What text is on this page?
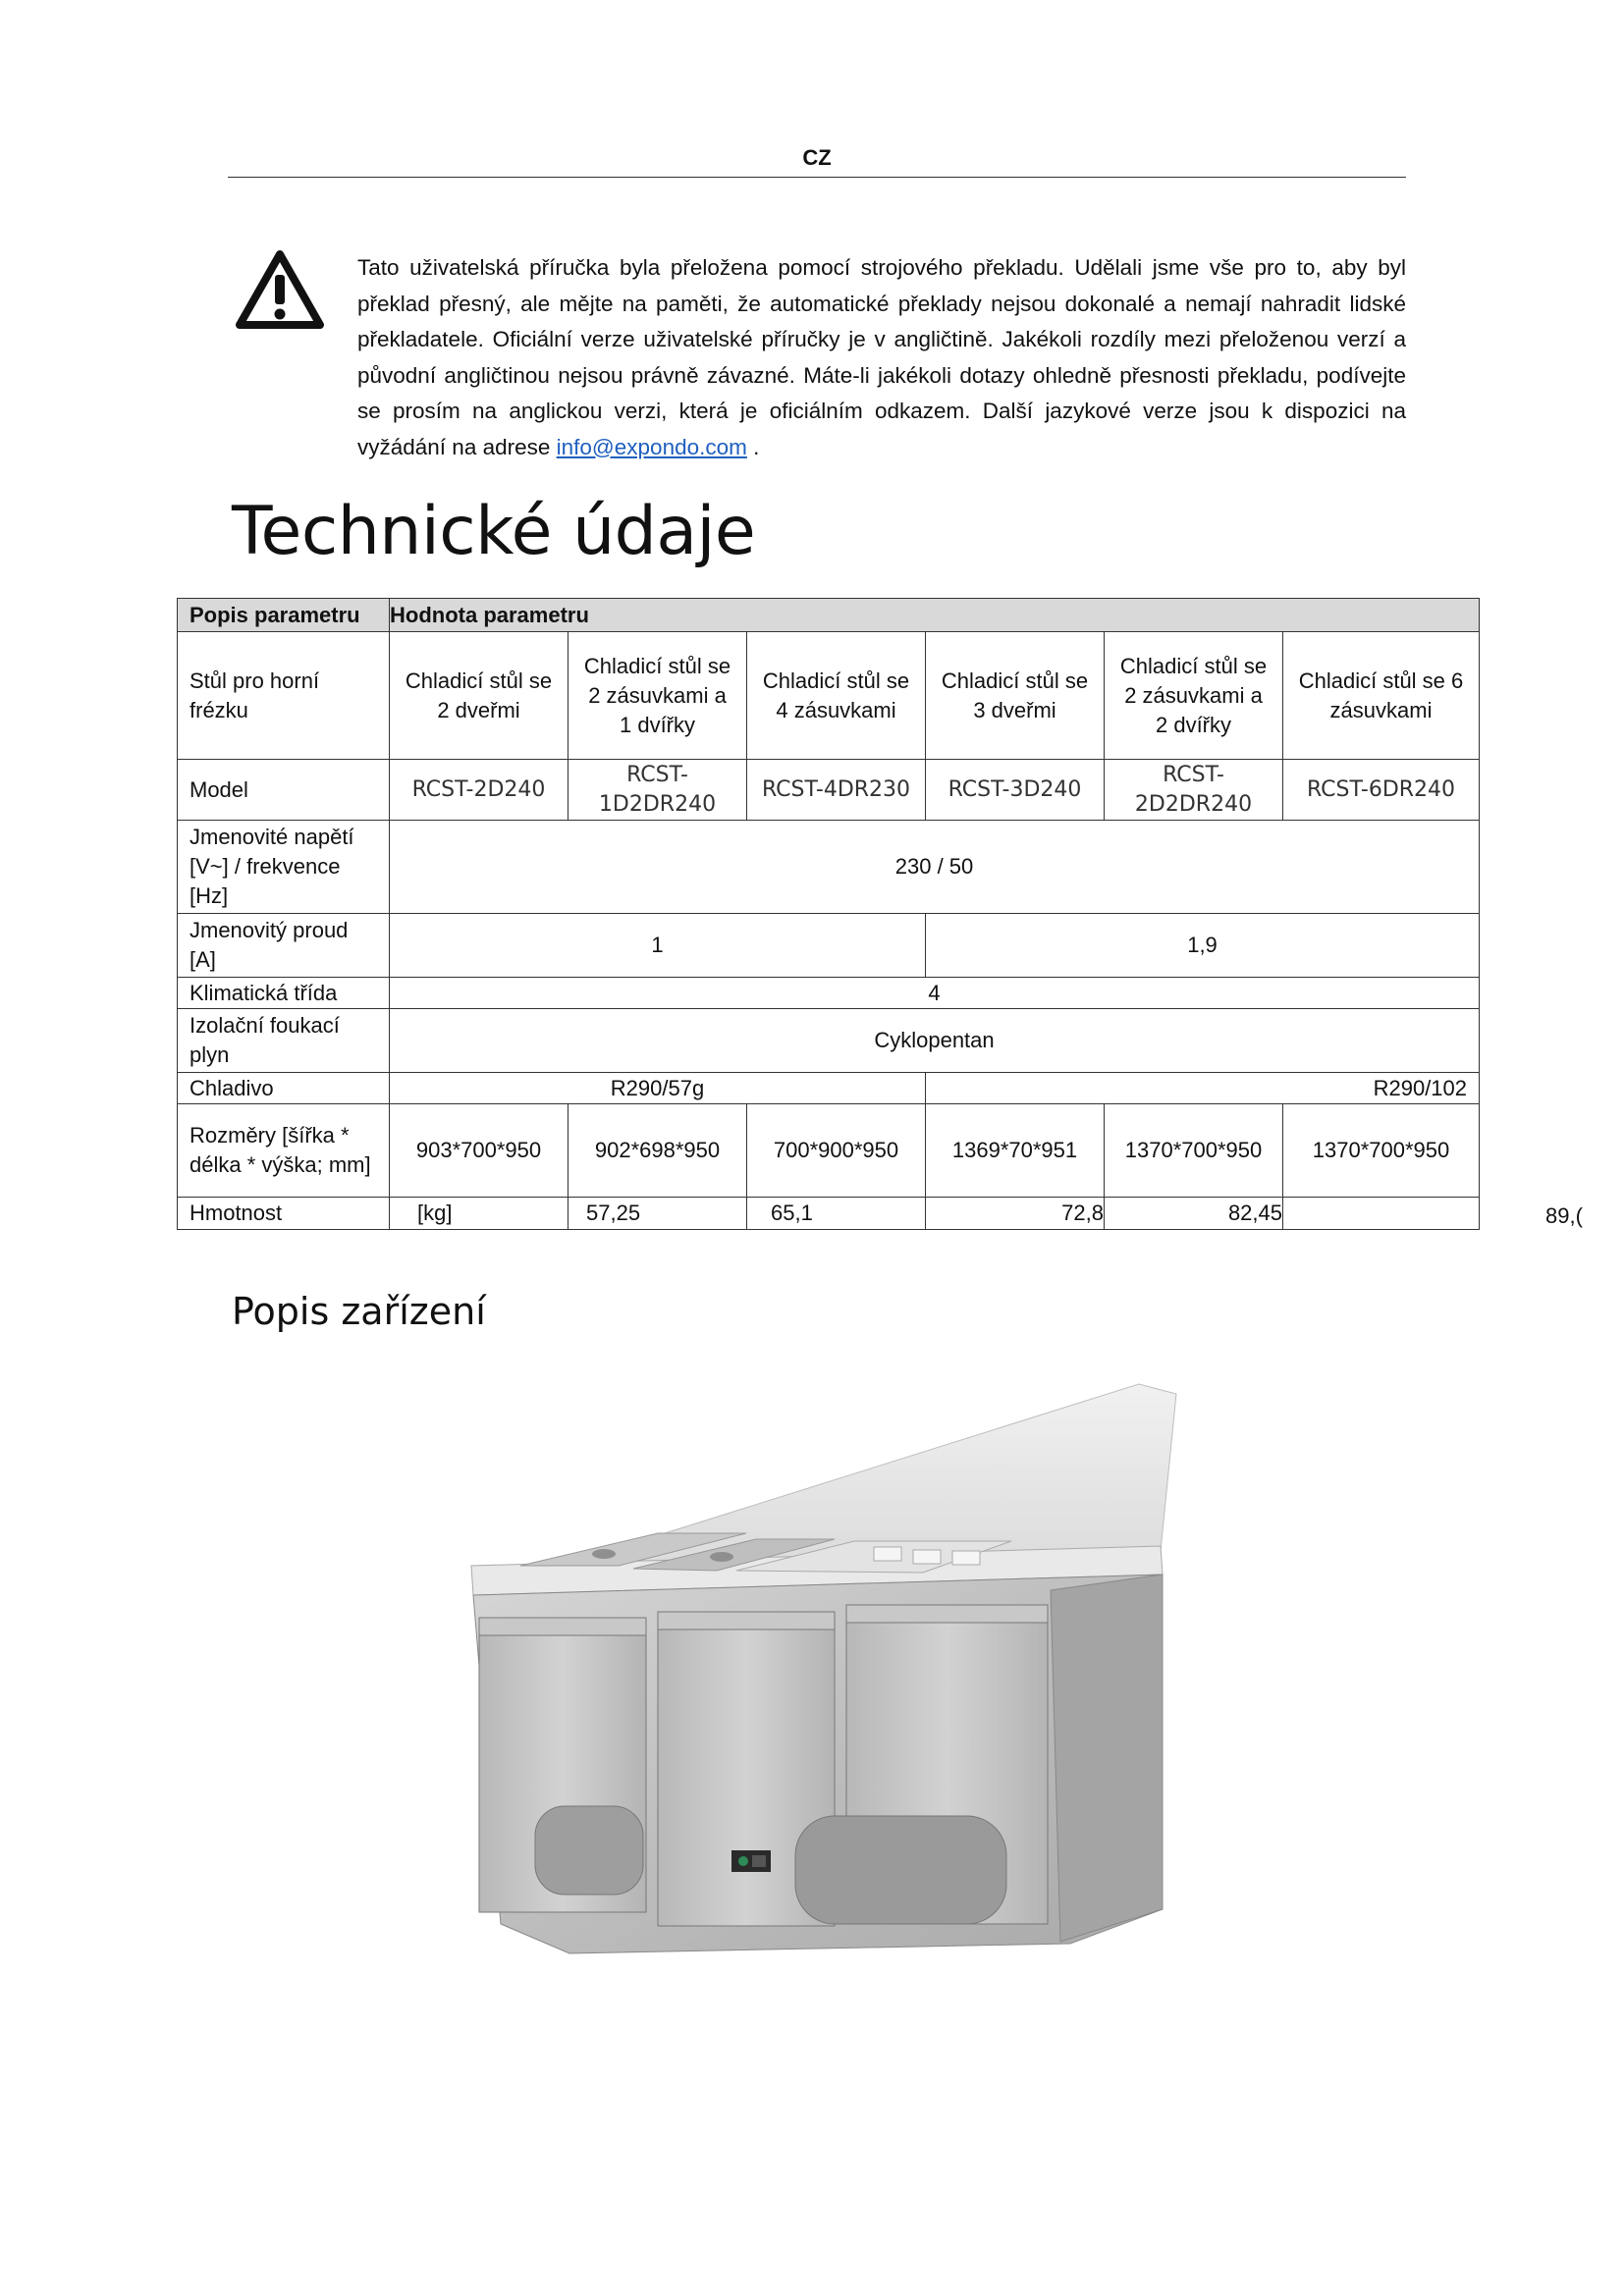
CZ

Tato uživatelská příručka byla přeložena pomocí strojového překladu. Udělali jsme vše pro to, aby byl překlad přesný, ale mějte na paměti, že automatické překlady nejsou dokonalé a nemají nahradit lidské překladatele. Oficiální verze uživatelské příručky je v angličtině. Jakékoli rozdíly mezi přeloženou verzí a původní angličtinou nejsou právně závazné. Máte-li jakékoli dotazy ohledně přesnosti překladu, podívejte se prosím na anglickou verzi, která je oficiálním odkazem. Další jazykové verze jsou k dispozici na vyžádání na adrese info@expondo.com .

Technické údaje
Popis parametru	Hodnota parametru					
Stůl pro horní frézku	Chladicí stůl se 2 dveřmi	Chladicí stůl se 2 zásuvkami a 1 dvířky	Chladicí stůl se 4 zásuvkami	Chladicí stůl se 3 dveřmi	Chladicí stůl se 2 zásuvkami a 2 dvířky	Chladicí stůl se 6 zásuvkami
Model	RCST-2D240	RCST-1D2DR240	RCST-4DR230	RCST-3D240	RCST-2D2DR240	RCST-6DR240
Jmenovité napětí [V~] / frekvence [Hz]	230 / 50					
Jmenovitý proud [A]	1			1,9		
Klimatická třída	4					
Izolační foukací plyn	Cyklopentan					
Chladivo	R290/57g			R290/102		
Rozměry [šířka * délka * výška; mm]	903*700*950	902*698*950	700*900*950	1369*70*951	1370*700*950	1370*700*950
Hmotnost	[kg]	57,25	65,1	72,8	82,45		89,(
Popis zařízení
